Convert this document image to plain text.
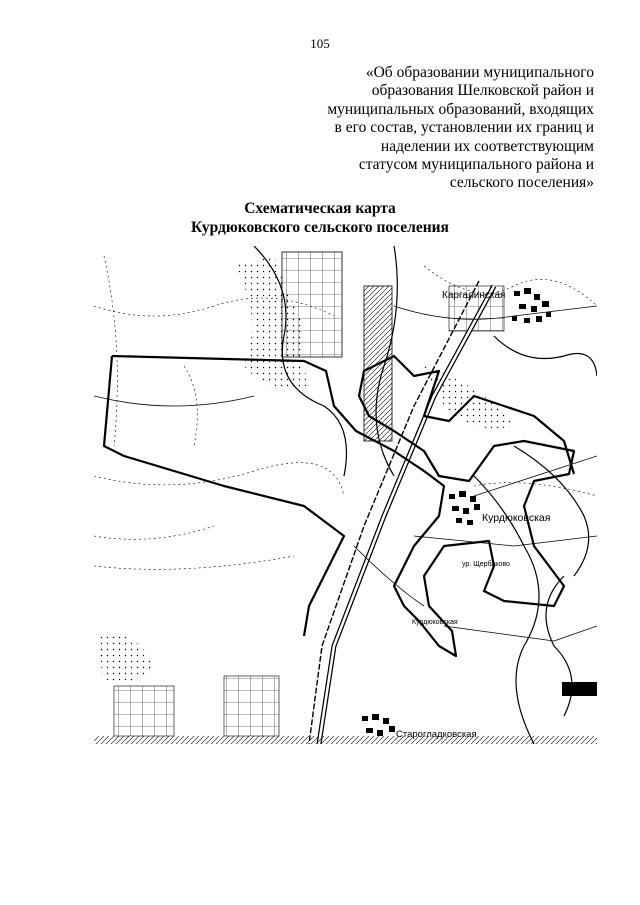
105
«Об образовании муниципального
образования Шелковской район и
муниципальных образований, входящих
в его состав, установлении их границ и
наделении их соответствующим
статусом муниципального района и
сельского поселения»
Схематическая карта
Курдюковского сельского поселения
Каргалинская
Курдюковская
ур. Щербаково
Курдюковская
Старогладковская
